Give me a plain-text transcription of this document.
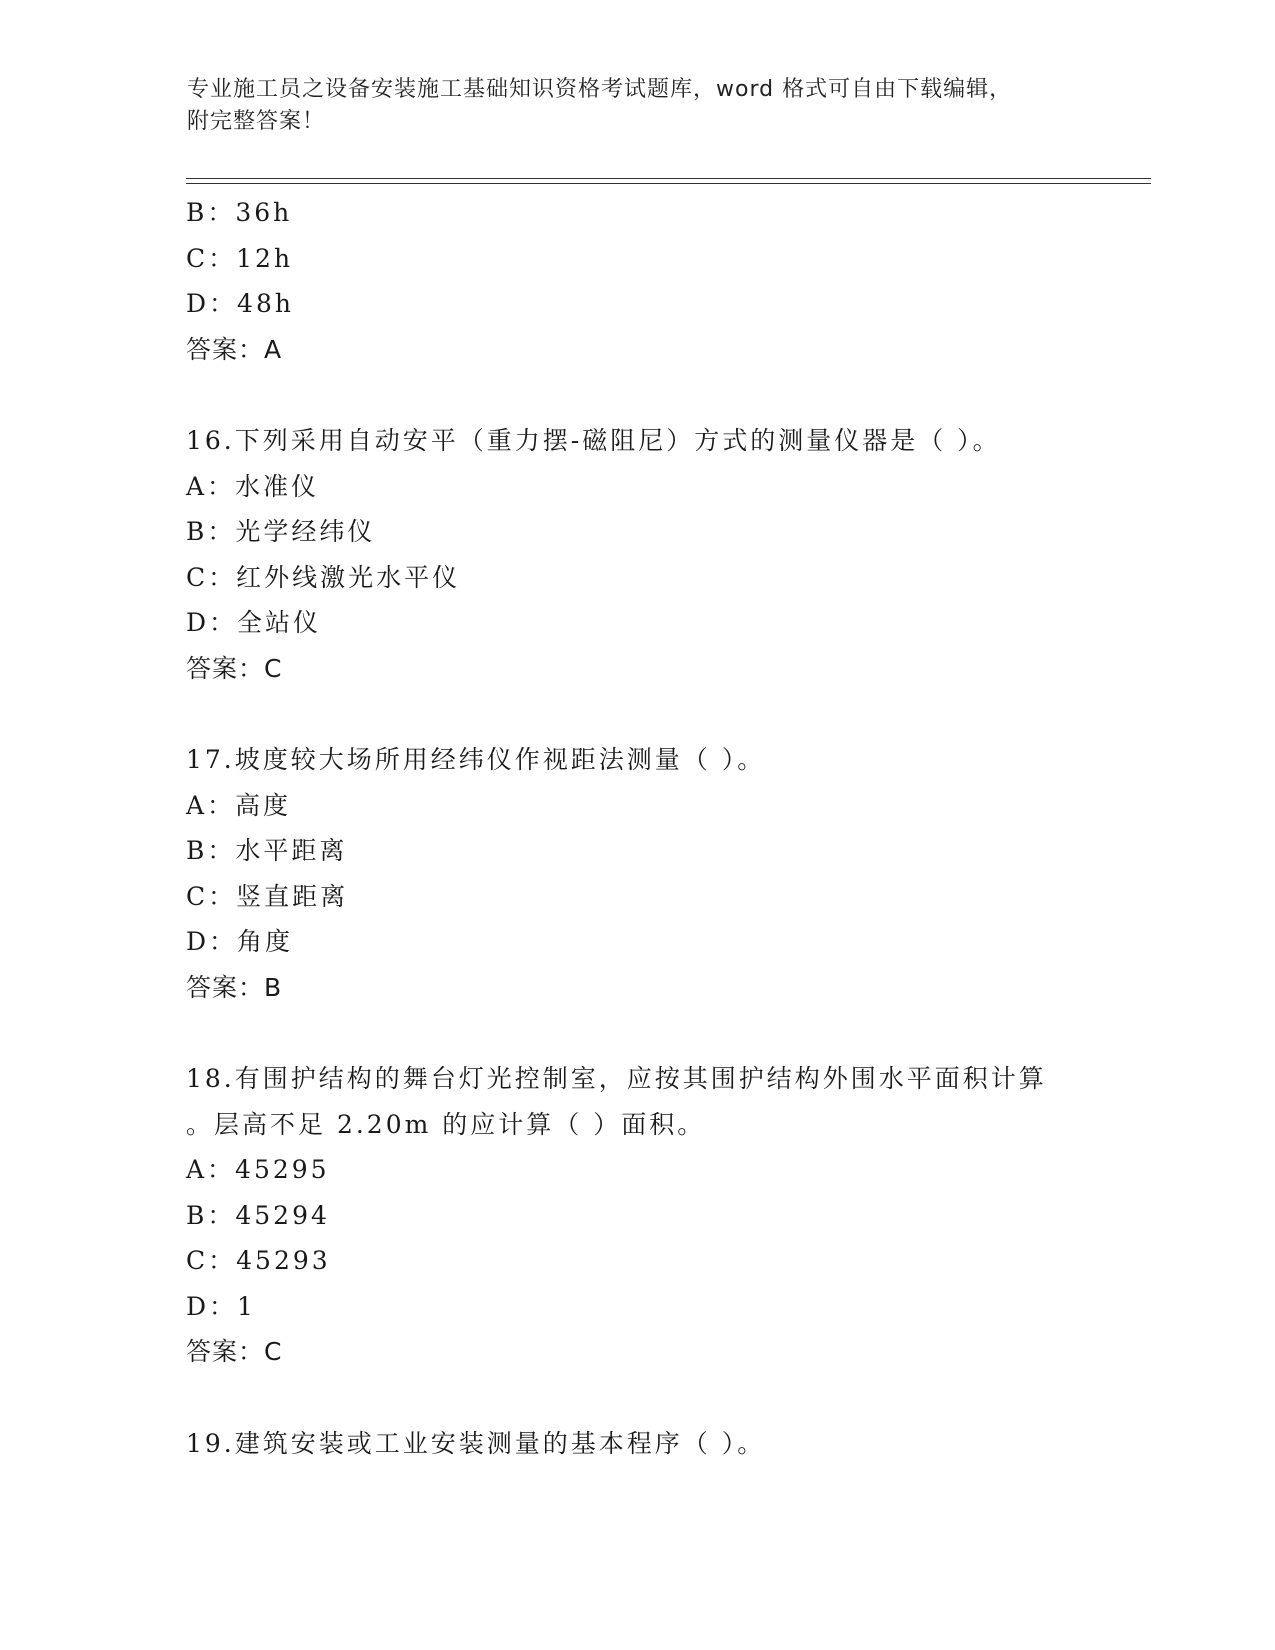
专业施工员之设备安装施工基础知识资格考试题库，word 格式可自由下载编辑，
附完整答案！
B：36h
C：12h
D：48h
答案：A
16.下列采用自动安平（重力摆-磁阻尼）方式的测量仪器是（ ）。
A：水准仪
B：光学经纬仪
C：红外线激光水平仪
D：全站仪
答案：C
17.坡度较大场所用经纬仪作视距法测量（ ）。
A：高度
B：水平距离
C：竖直距离
D：角度
答案：B
18.有围护结构的舞台灯光控制室，应按其围护结构外围水平面积计算
。层高不足 2.20m 的应计算（ ）面积。
A：45295
B：45294
C：45293
D：1
答案：C
19.建筑安装或工业安装测量的基本程序（ ）。
